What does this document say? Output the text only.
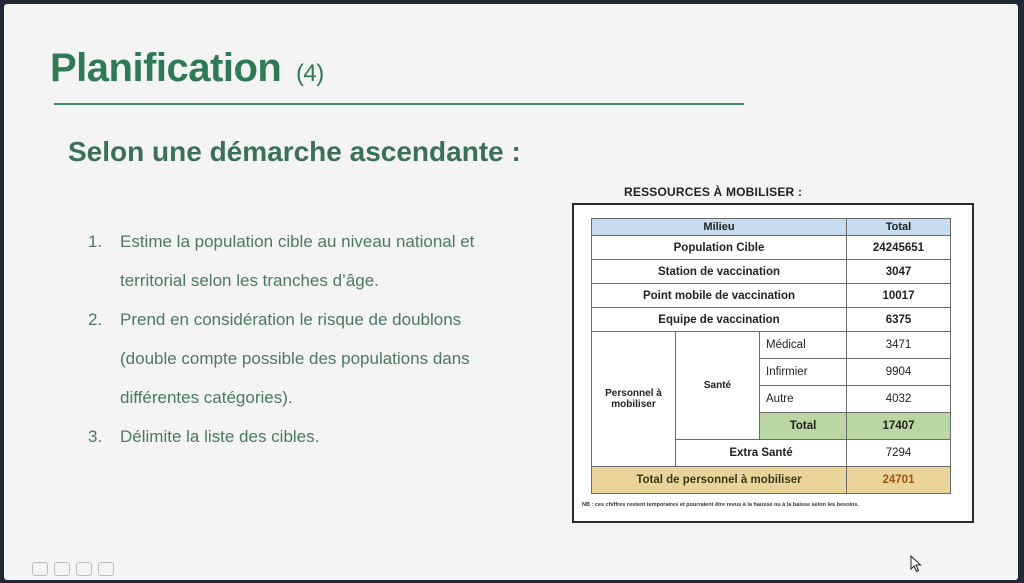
Planification (4)
Selon une démarche ascendante :
1.	Estime la population cible au niveau national et territorial selon les tranches d’âge.
2.	Prend en considération le risque de doublons (double compte possible des populations dans différentes catégories).
3.	Délimite la liste des cibles.
RESSOURCES À MOBILISER :
Milieu			Total
Population Cible			24245651
Station de vaccination			3047
Point mobile de vaccination			10017
Equipe de vaccination			6375
Personnel à mobiliser	Santé	Médical	3471
		Infirmier	9904
		Autre	4032
		Total	17407
	Extra Santé		7294
Total de personnel à mobiliser			24701
NB : ces chiffres restent temporaires et pourraient être revus à la hausse ou à la baisse selon les besoins.
